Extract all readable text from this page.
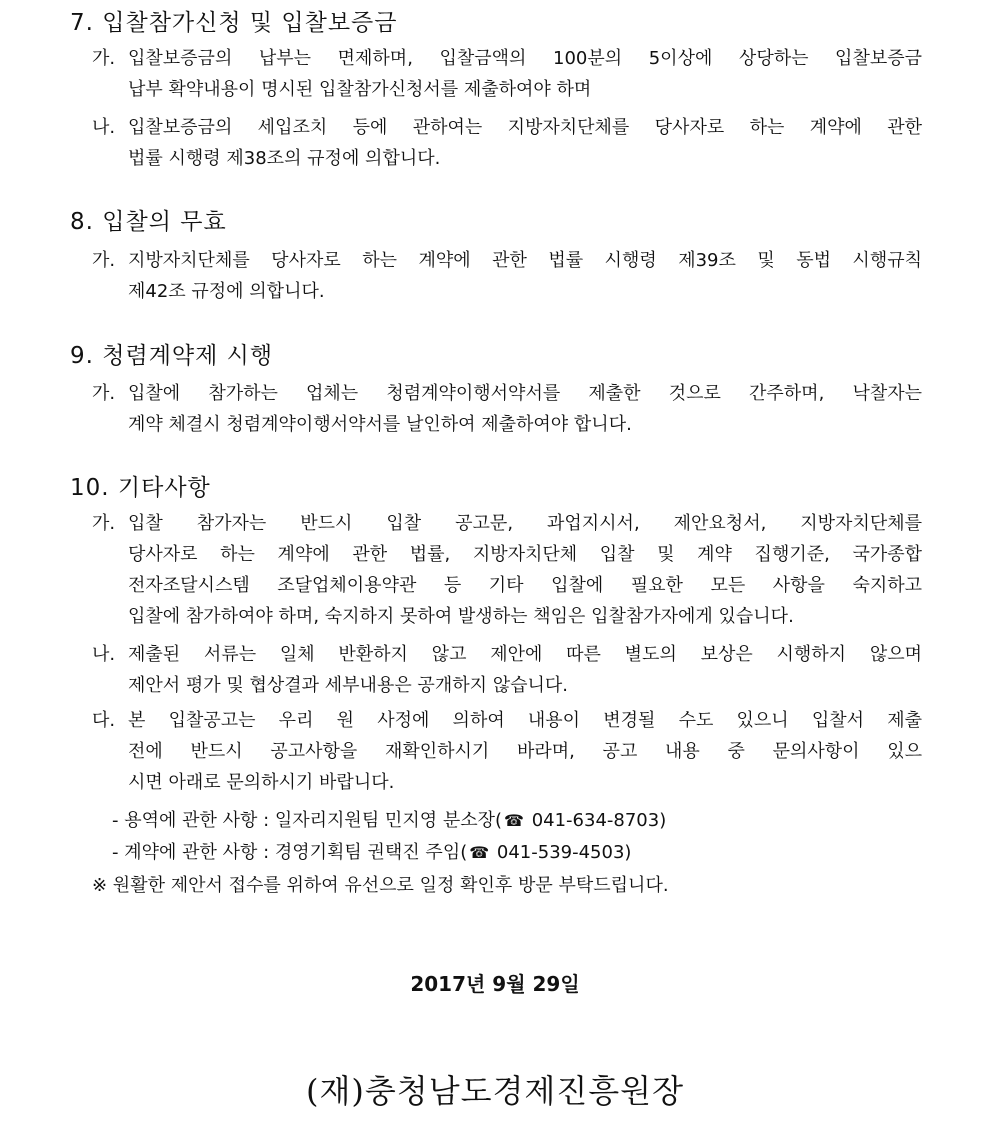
7. 입찰참가신청 및 입찰보증금
가. 입찰보증금의 납부는 면제하며, 입찰금액의 100분의 5이상에 상당하는 입찰보증금
납부 확약내용이 명시된 입찰참가신청서를 제출하여야 하며
나. 입찰보증금의 세입조치 등에 관하여는 지방자치단체를 당사자로 하는 계약에 관한
법률 시행령 제38조의 규정에 의합니다.
8. 입찰의 무효
가. 지방자치단체를 당사자로 하는 계약에 관한 법률 시행령 제39조 및 동법 시행규칙
제42조 규정에 의합니다.
9. 청렴계약제 시행
가. 입찰에 참가하는 업체는 청렴계약이행서약서를 제출한 것으로 간주하며, 낙찰자는
계약 체결시 청렴계약이행서약서를 날인하여 제출하여야 합니다.
10. 기타사항
가. 입찰 참가자는 반드시 입찰 공고문, 과업지시서, 제안요청서, 지방자치단체를
당사자로 하는 계약에 관한 법률, 지방자치단체 입찰 및 계약 집행기준, 국가종합
전자조달시스템 조달업체이용약관 등 기타 입찰에 필요한 모든 사항을 숙지하고
입찰에 참가하여야 하며, 숙지하지 못하여 발생하는 책임은 입찰참가자에게 있습니다.
나. 제출된 서류는 일체 반환하지 않고 제안에 따른 별도의 보상은 시행하지 않으며
제안서 평가 및 협상결과 세부내용은 공개하지 않습니다.
다. 본 입찰공고는 우리 원 사정에 의하여 내용이 변경될 수도 있으니 입찰서 제출
전에 반드시 공고사항을 재확인하시기 바라며, 공고 내용 중 문의사항이 있으
시면 아래로 문의하시기 바랍니다.
- 용역에 관한 사항 : 일자리지원팀 민지영 분소장( ☎ 041-634-8703)
- 계약에 관한 사항 : 경영기획팀 권택진 주임( ☎ 041-539-4503)
※ 원활한 제안서 접수를 위하여 유선으로 일정 확인후 방문 부탁드립니다.
2017년 9월 29일
(재)충청남도경제진흥원장
